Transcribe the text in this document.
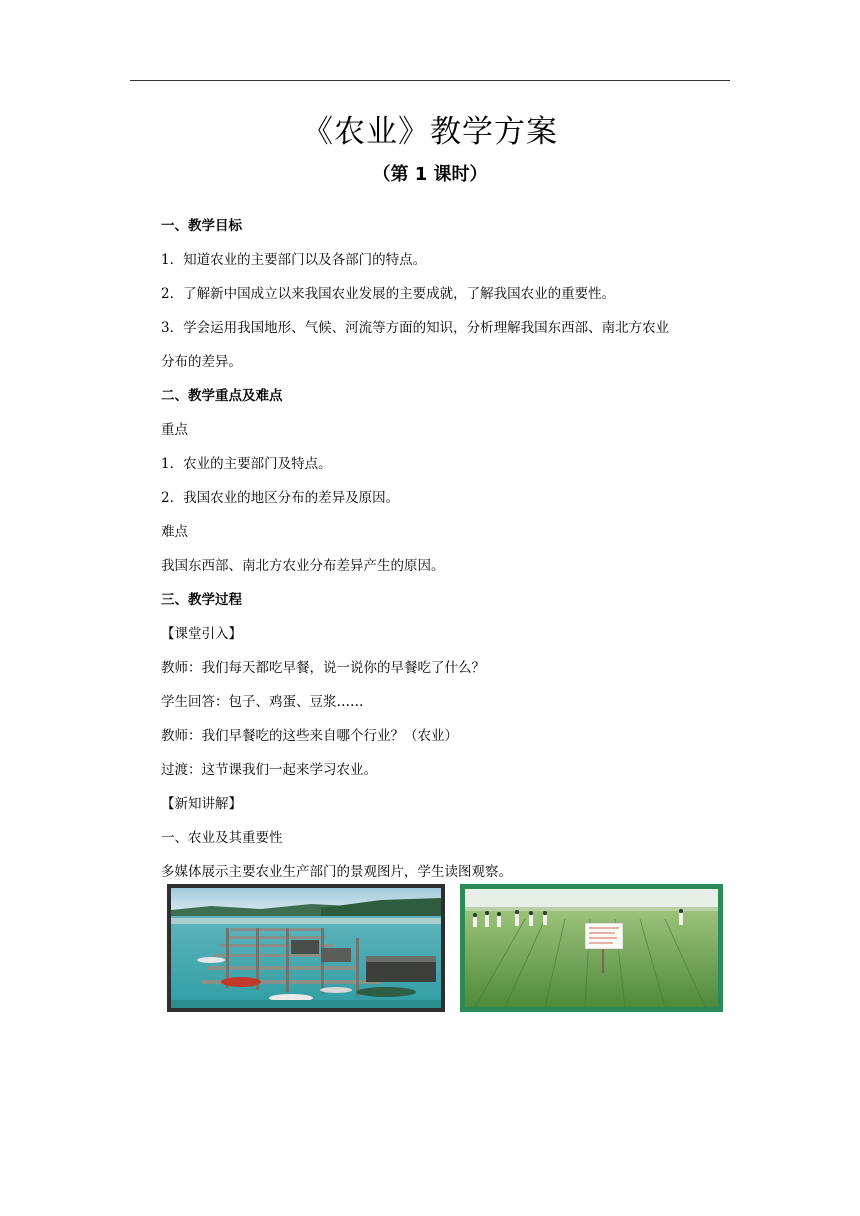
《农业》教学方案
（第 1 课时）
一、教学目标
1．知道农业的主要部门以及各部门的特点。
2．了解新中国成立以来我国农业发展的主要成就，了解我国农业的重要性。
3．学会运用我国地形、气候、河流等方面的知识，分析理解我国东西部、南北方农业
分布的差异。
二、教学重点及难点
重点
1．农业的主要部门及特点。
2．我国农业的地区分布的差异及原因。
难点
我国东西部、南北方农业分布差异产生的原因。
三、教学过程
【课堂引入】
教师：我们每天都吃早餐，说一说你的早餐吃了什么？
学生回答：包子、鸡蛋、豆浆……
教师：我们早餐吃的这些来自哪个行业？（农业）
过渡：这节课我们一起来学习农业。
【新知讲解】
一、农业及其重要性
多媒体展示主要农业生产部门的景观图片，学生读图观察。
